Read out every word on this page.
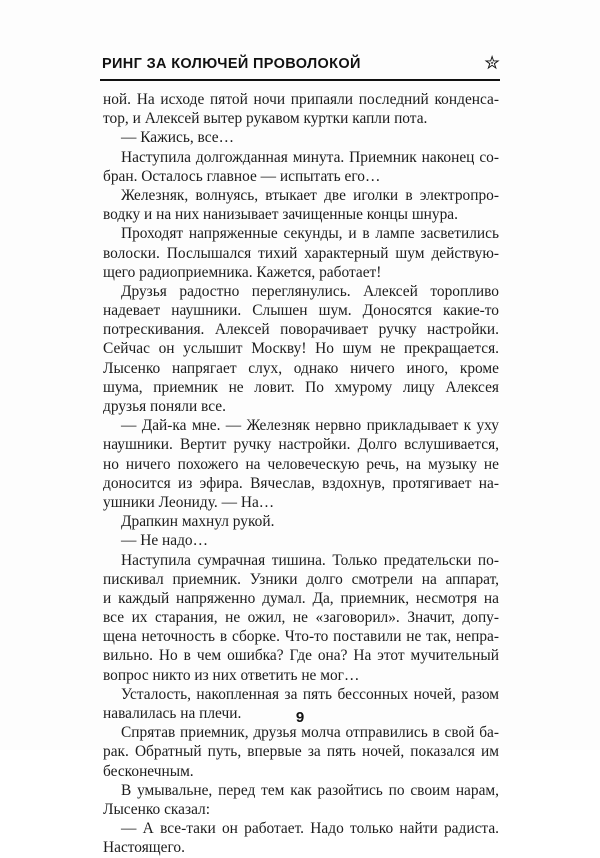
РИНГ ЗА КОЛЮЧЕЙ ПРОВОЛОКОЙ	✮
ной. На исходе пятой ночи припаяли последний конденса-
тор, и Алексей вытер рукавом куртки капли пота.
— Кажись, все…
Наступила долгожданная минута. Приемник наконец со-
бран. Осталось главное — испытать его…
Железняк, волнуясь, втыкает две иголки в электропро-
водку и на них нанизывает зачищенные концы шнура.
Проходят напряженные секунды, и в лампе засветились
волоски. Послышался тихий характерный шум действую-
щего радиоприемника. Кажется, работает!
Друзья радостно переглянулись. Алексей торопливо
надевает наушники. Слышен шум. Доносятся какие-то
потрескивания. Алексей поворачивает ручку настройки.
Сейчас он услышит Москву! Но шум не прекращается.
Лысенко напрягает слух, однако ничего иного, кроме
шума, приемник не ловит. По хмурому лицу Алексея
друзья поняли все.
— Дай-ка мне. — Железняк нервно прикладывает к уху
наушники. Вертит ручку настройки. Долго вслушивается,
но ничего похожего на человеческую речь, на музыку не
доносится из эфира. Вячеслав, вздохнув, протягивает на-
ушники Леониду. — На…
Драпкин махнул рукой.
— Не надо…
Наступила сумрачная тишина. Только предательски по-
пискивал приемник. Узники долго смотрели на аппарат,
и каждый напряженно думал. Да, приемник, несмотря на
все их старания, не ожил, не «заговорил». Значит, допу-
щена неточность в сборке. Что-то поставили не так, непра-
вильно. Но в чем ошибка? Где она? На этот мучительный
вопрос никто из них ответить не мог…
Усталость, накопленная за пять бессонных ночей, разом
навалилась на плечи.
Спрятав приемник, друзья молча отправились в свой ба-
рак. Обратный путь, впервые за пять ночей, показался им
бесконечным.
В умывальне, перед тем как разойтись по своим нарам,
Лысенко сказал:
— А все-таки он работает. Надо только найти радиста.
Настоящего.
9
